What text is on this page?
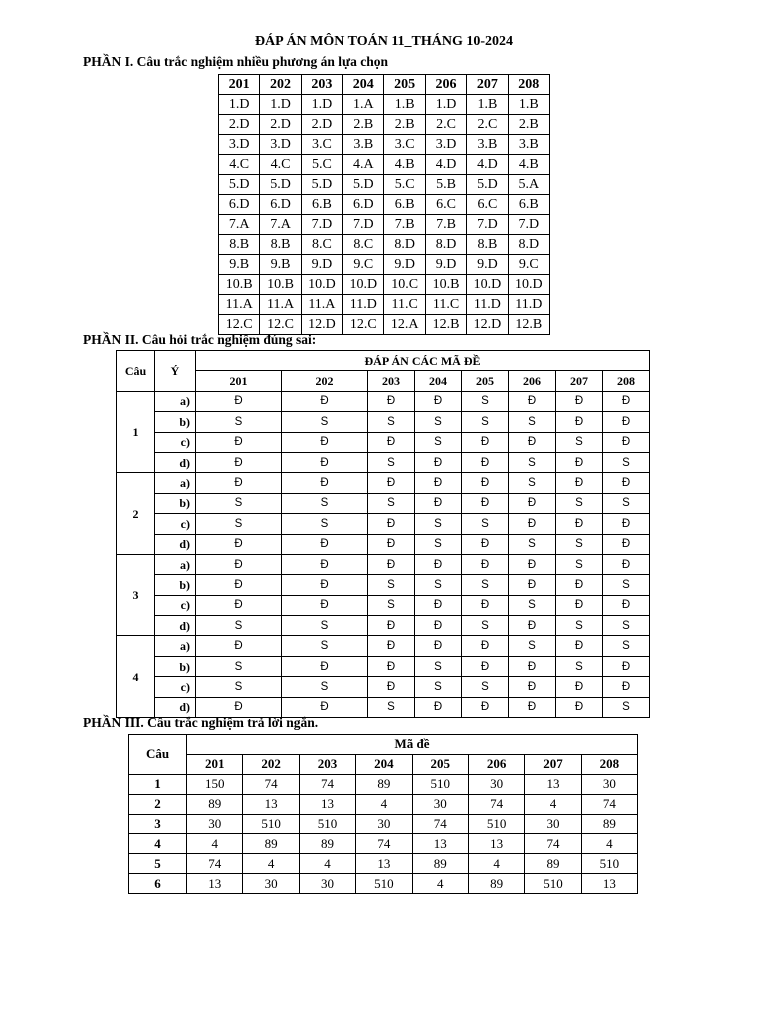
ĐÁP ÁN MÔN TOÁN 11_THÁNG 10-2024
PHẦN I. Câu trắc nghiệm nhiều phương án lựa chọn
201	202	203	204	205	206	207	208
1.D	1.D	1.D	1.A	1.B	1.D	1.B	1.B
2.D	2.D	2.D	2.B	2.B	2.C	2.C	2.B
3.D	3.D	3.C	3.B	3.C	3.D	3.B	3.B
4.C	4.C	5.C	4.A	4.B	4.D	4.D	4.B
5.D	5.D	5.D	5.D	5.C	5.B	5.D	5.A
6.D	6.D	6.B	6.D	6.B	6.C	6.C	6.B
7.A	7.A	7.D	7.D	7.B	7.B	7.D	7.D
8.B	8.B	8.C	8.C	8.D	8.D	8.B	8.D
9.B	9.B	9.D	9.C	9.D	9.D	9.D	9.C
10.B	10.B	10.D	10.D	10.C	10.B	10.D	10.D
11.A	11.A	11.A	11.D	11.C	11.C	11.D	11.D
12.C	12.C	12.D	12.C	12.A	12.B	12.D	12.B
PHẦN II. Câu hỏi trắc nghiệm đúng sai:
Câu	Ý	ĐÁP ÁN CÁC MÃ ĐỀ							
		201	202	203	204	205	206	207	208
1	a)	Đ	Đ	Đ	Đ	S	Đ	Đ	Đ
	b)	S	S	S	S	S	S	Đ	Đ
	c)	Đ	Đ	Đ	S	Đ	Đ	S	Đ
	d)	Đ	Đ	S	Đ	Đ	S	Đ	S
2	a)	Đ	Đ	Đ	Đ	Đ	S	Đ	Đ
	b)	S	S	S	Đ	Đ	Đ	S	S
	c)	S	S	Đ	S	S	Đ	Đ	Đ
	d)	Đ	Đ	Đ	S	Đ	S	S	Đ
3	a)	Đ	Đ	Đ	Đ	Đ	Đ	S	Đ
	b)	Đ	Đ	S	S	S	Đ	Đ	S
	c)	Đ	Đ	S	Đ	Đ	S	Đ	Đ
	d)	S	S	Đ	Đ	S	Đ	S	S
4	a)	Đ	S	Đ	Đ	Đ	S	Đ	S
	b)	S	Đ	Đ	S	Đ	Đ	S	Đ
	c)	S	S	Đ	S	S	Đ	Đ	Đ
	d)	Đ	Đ	S	Đ	Đ	Đ	Đ	S
PHẦN III. Câu trắc nghiệm trả lời ngắn.
Câu	Mã đề							
	201	202	203	204	205	206	207	208
1	150	74	74	89	510	30	13	30
2	89	13	13	4	30	74	4	74
3	30	510	510	30	74	510	30	89
4	4	89	89	74	13	13	74	4
5	74	4	4	13	89	4	89	510
6	13	30	30	510	4	89	510	13
